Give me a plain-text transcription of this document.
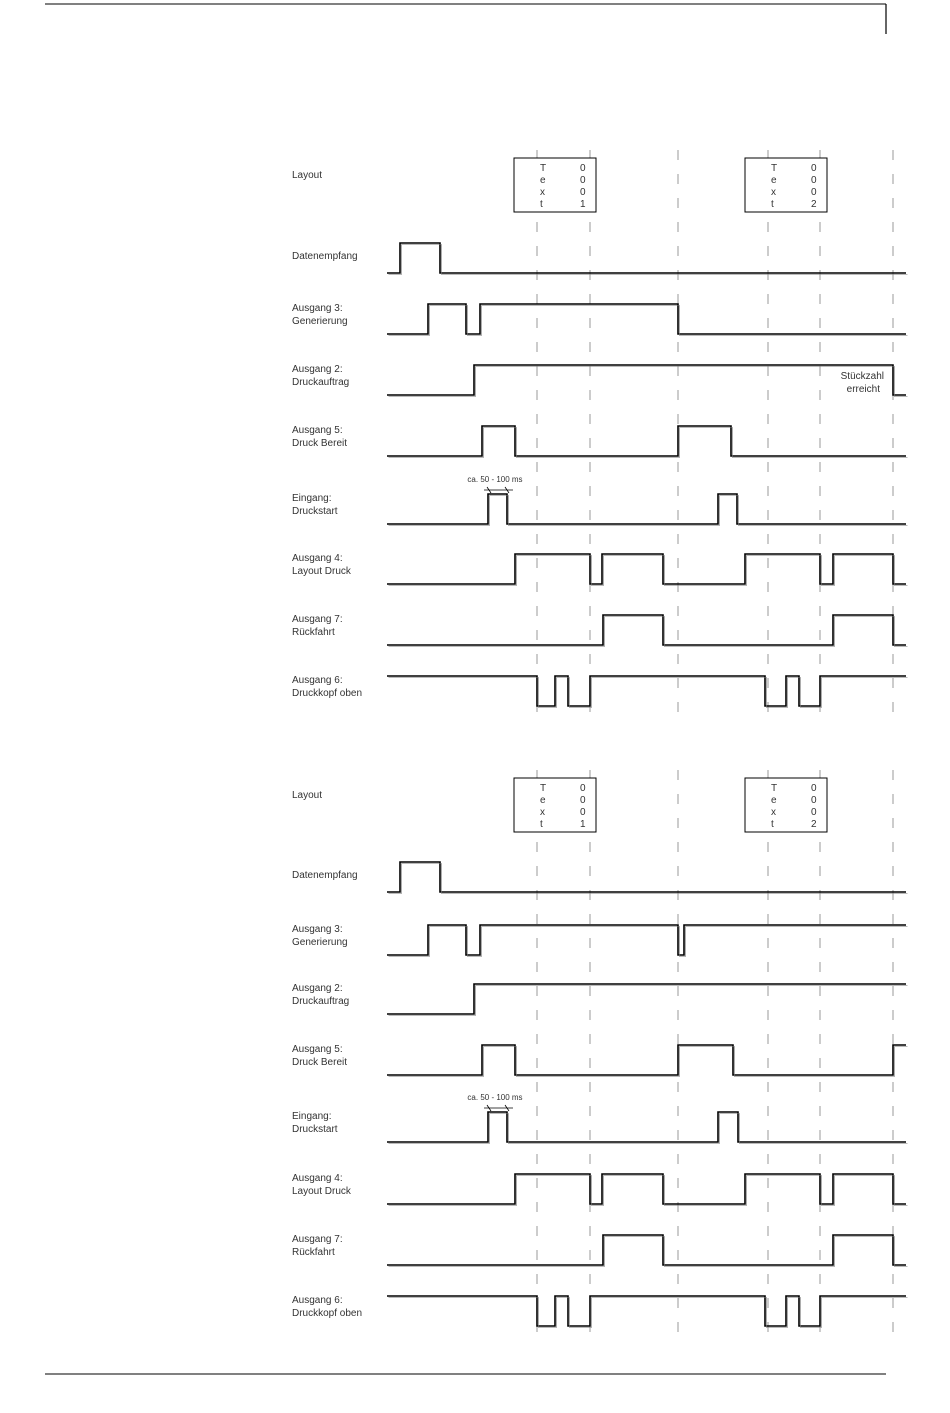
Layout
T
e
x
t
0
0
0
1
T
e
x
t
0
0
0
2
Datenempfang
Ausgang 3:
Generierung
Ausgang 2:
Druckauftrag
Stückzahl
erreicht
Ausgang 5:
Druck Bereit
Eingang:
Druckstart
ca. 50 - 100 ms
Ausgang 4:
Layout Druck
Ausgang 7:
Rückfahrt
Ausgang 6:
Druckkopf oben
Layout
T
e
x
t
0
0
0
1
T
e
x
t
0
0
0
2
Datenempfang
Ausgang 3:
Generierung
Ausgang 2:
Druckauftrag
Ausgang 5:
Druck Bereit
Eingang:
Druckstart
ca. 50 - 100 ms
Ausgang 4:
Layout Druck
Ausgang 7:
Rückfahrt
Ausgang 6:
Druckkopf oben
